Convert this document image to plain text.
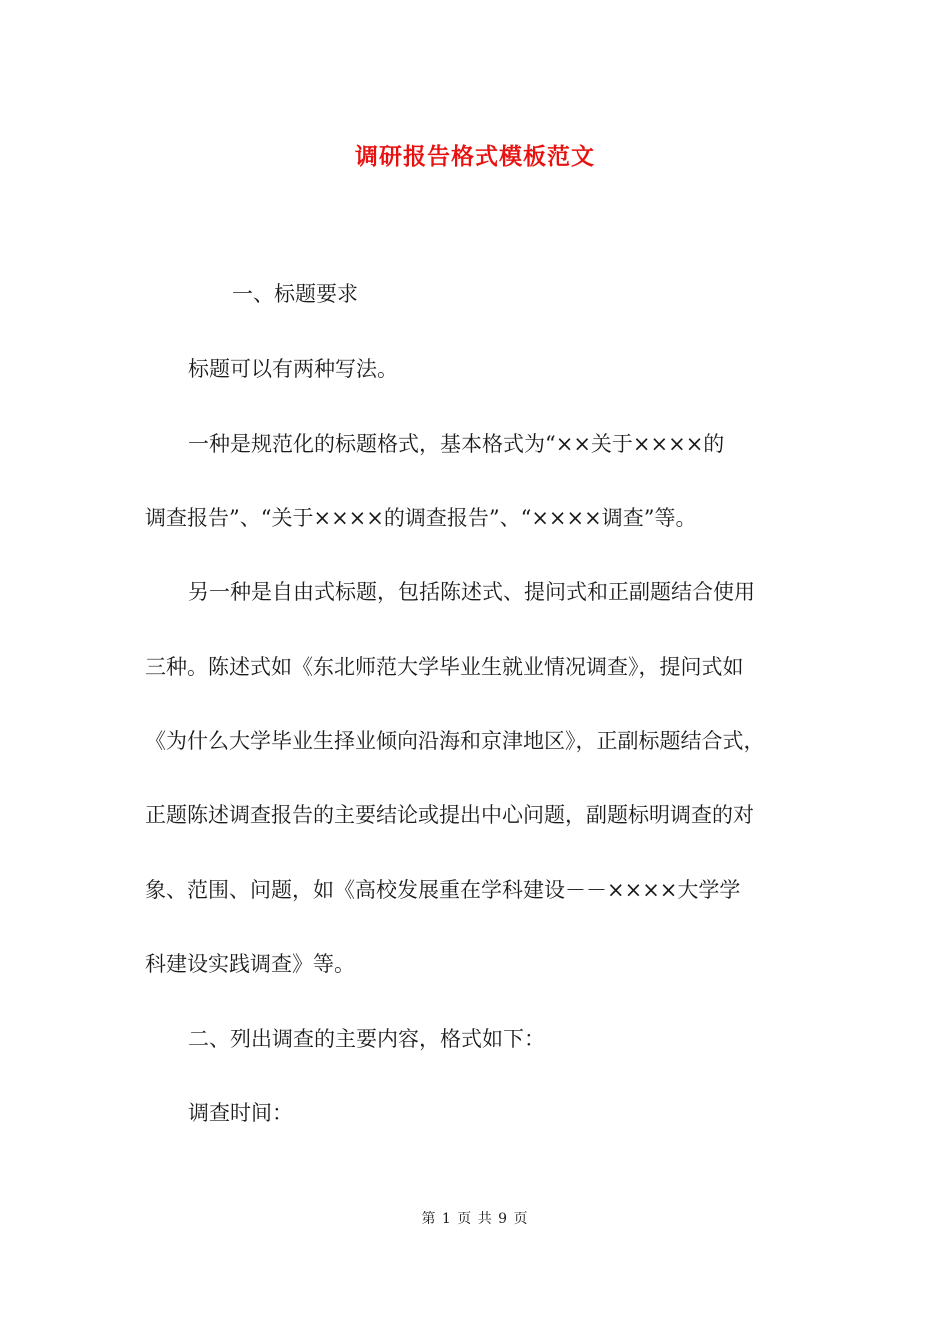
调研报告格式模板范文
一、标题要求
标题可以有两种写法。
一种是规范化的标题格式，基本格式为“××关于××××的
调查报告”、“关于××××的调查报告”、“××××调查”等。
另一种是自由式标题，包括陈述式、提问式和正副题结合使用
三种。陈述式如《东北师范大学毕业生就业情况调查》，提问式如
《为什么大学毕业生择业倾向沿海和京津地区》，正副标题结合式，
正题陈述调查报告的主要结论或提出中心问题，副题标明调查的对
象、范围、问题，如《高校发展重在学科建设－－××××大学学
科建设实践调查》等。
二、列出调查的主要内容，格式如下：
调查时间：
第 1 页 共 9 页
